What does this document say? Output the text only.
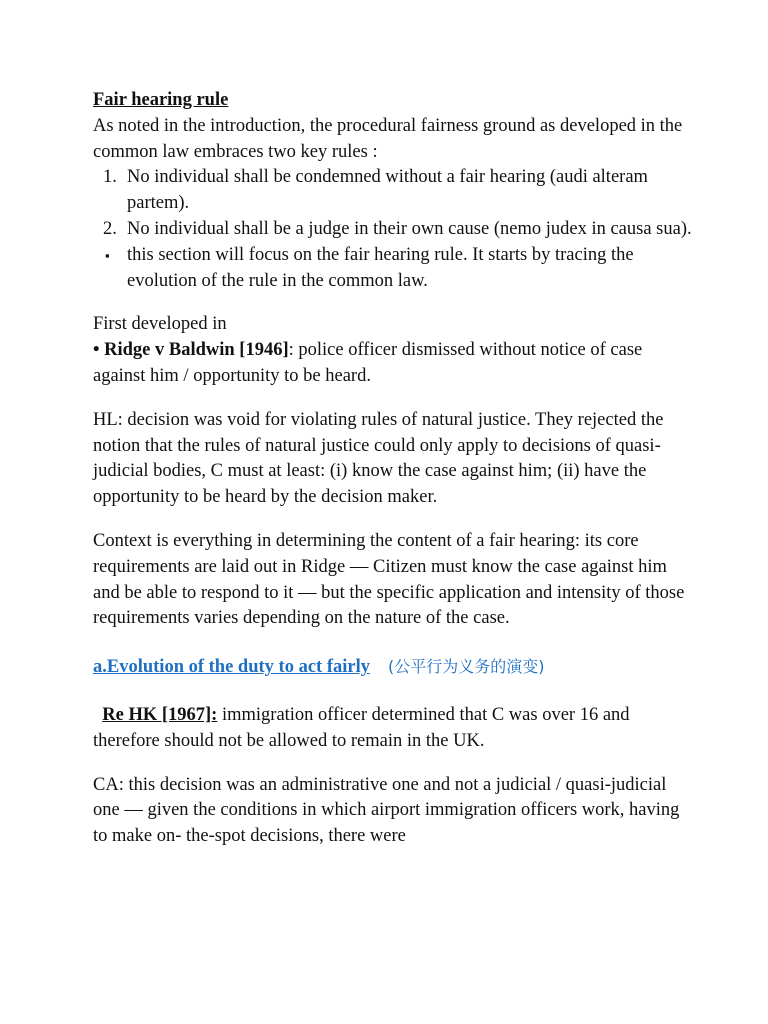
Fair hearing rule

As noted in the introduction, the procedural fairness ground as developed in the common law embraces two key rules :

1. No individual shall be condemned without a fair hearing (audi alteram partem).
2. No individual shall be a judge in their own cause (nemo judex in causa sua).
▪ this section will focus on the fair hearing rule. It starts by tracing the evolution of the rule in the common law.

First developed in

• Ridge v Baldwin [1946]: police officer dismissed without notice of case against him / opportunity to be heard.

HL: decision was void for violating rules of natural justice. They rejected the notion that the rules of natural justice could only apply to decisions of quasi-judicial bodies, C must at least: (i) know the case against him; (ii) have the opportunity to be heard by the decision maker.

Context is everything in determining the content of a fair hearing: its core requirements are laid out in Ridge — Citizen must know the case against him and be able to respond to it — but the specific application and intensity of those requirements varies depending on the nature of the case.

a.Evolution of the duty to act fairly (公平行为义务的演变)

Re HK [1967]: immigration officer determined that C was over 16 and therefore should not be allowed to remain in the UK.

CA: this decision was an administrative one and not a judicial / quasi-judicial one — given the conditions in which airport immigration officers work, having to make on- the-spot decisions, there were
